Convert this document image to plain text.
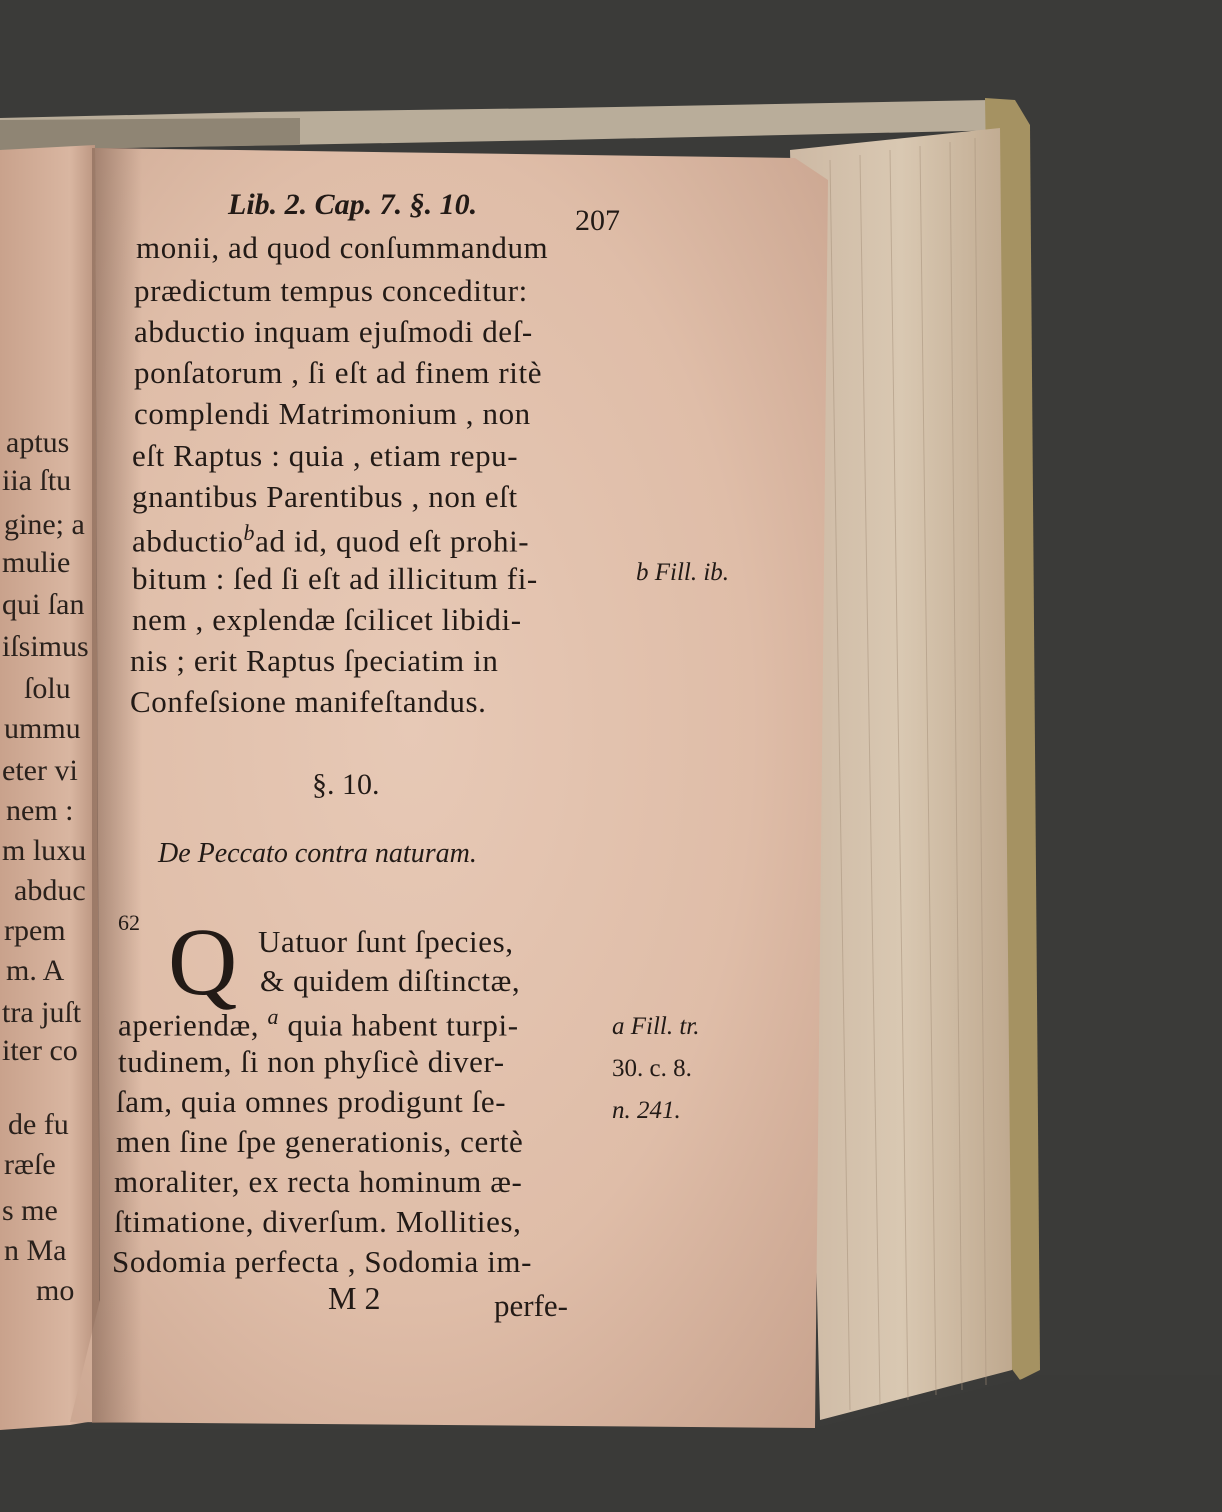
aptus
iia ſtu
gine; a
mulie
qui ſan
iſsimus
ſolu
ummu
eter vi
nem :
m luxu
abduc
rpem
m. A
tra juſt
iter co
de fu
ræſe
s me
n Ma
mo
Lib. 2. Cap. 7. §. 10.	207
monii, ad quod conſummandum
prædictum tempus conceditur:
abductio inquam ejuſmodi deſ-
ponſatorum , ſi eſt ad finem ritè
complendi Matrimonium , non
eſt Raptus : quia , etiam repu-
gnantibus Parentibus , non eſt
abductio$^b$ad id, quod eſt prohi-
bitum : ſed ſi eſt ad illicitum fi-
nem , explendæ ſcilicet libidi-
nis ; erit Raptus ſpeciatim in
Confeſsione manifeſtandus.
b Fill. ib.
§. 10.
De Peccato contra naturam.
62 Q Uatuor ſunt ſpecies,
& quidem diſtinctæ,
aperiendæ, $^a$ quia habent turpi-
tudinem, ſi non phyſicè diver-
ſam, quia omnes prodigunt ſe-
men ſine ſpe generationis, certè
moraliter, ex recta hominum æ-
ſtimatione, diverſum. Mollities,
Sodomia perfecta , Sodomia im-
a Fill. tr.
30. c. 8.
n. 241.
M 2	perfe-
